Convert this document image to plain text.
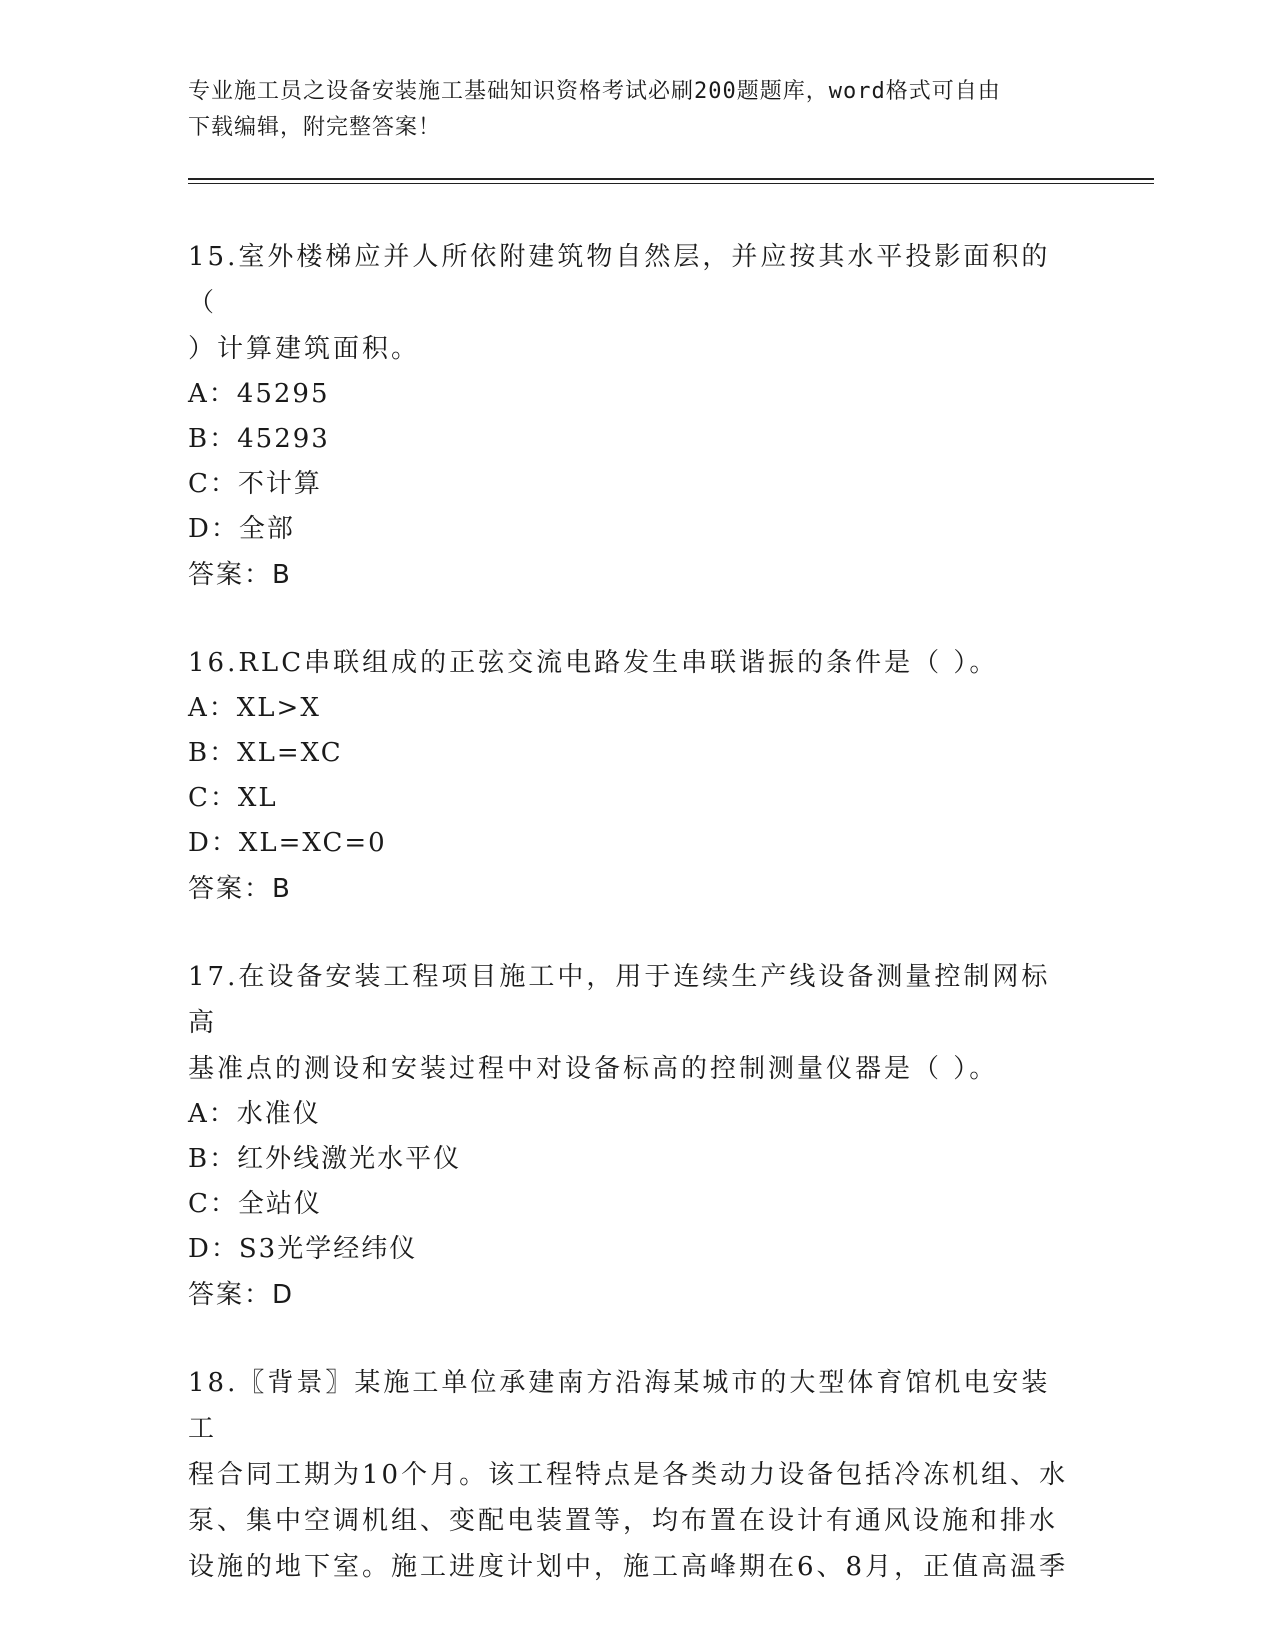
专业施工员之设备安装施工基础知识资格考试必刷200题题库，word格式可自由
下载编辑，附完整答案！
15.室外楼梯应并人所依附建筑物自然层，并应按其水平投影面积的（
）计算建筑面积。
A：45295
B：45293
C：不计算
D：全部
答案：B
16.RLC串联组成的正弦交流电路发生串联谐振的条件是（ ）。
A：XL>X
B：XL=XC
C：XL
D：XL=XC=0
答案：B
17.在设备安装工程项目施工中，用于连续生产线设备测量控制网标高
基准点的测设和安装过程中对设备标高的控制测量仪器是（ ）。
A：水准仪
B：红外线激光水平仪
C：全站仪
D：S3光学经纬仪
答案：D
18.〖背景〗某施工单位承建南方沿海某城市的大型体育馆机电安装工
程合同工期为10个月。该工程特点是各类动力设备包括冷冻机组、水
泵、集中空调机组、变配电装置等，均布置在设计有通风设施和排水
设施的地下室。施工进度计划中，施工高峰期在6、8月，正值高温季
